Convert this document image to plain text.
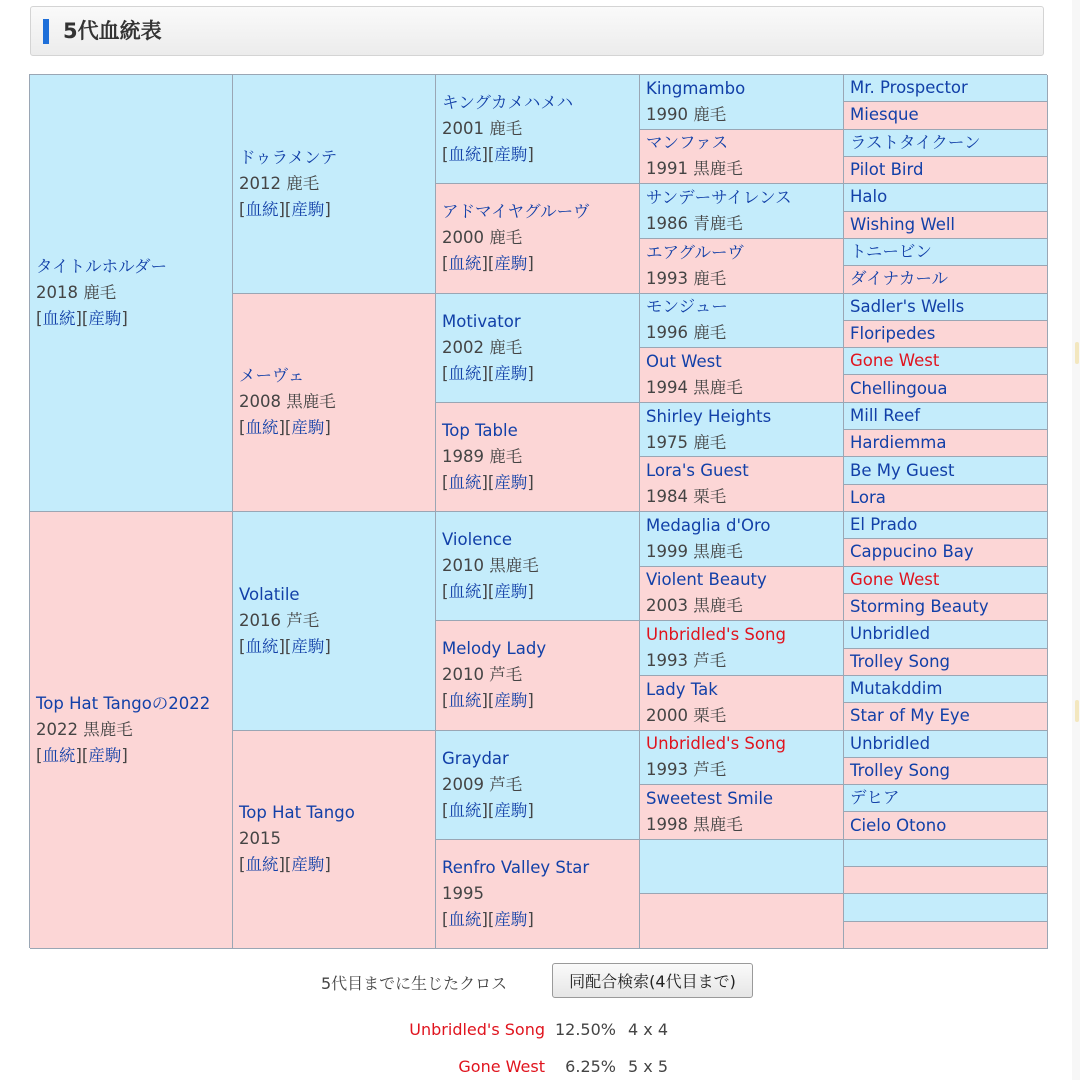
5代血統表
タイトルホルダー
2018 鹿毛
[血統][産駒]
Top Hat Tangoの2022
2022 黒鹿毛
[血統][産駒]
ドゥラメンテ
2012 鹿毛
[血統][産駒]
メーヴェ
2008 黒鹿毛
[血統][産駒]
Volatile
2016 芦毛
[血統][産駒]
Top Hat Tango
2015
[血統][産駒]
キングカメハメハ
2001 鹿毛
[血統][産駒]
アドマイヤグルーヴ
2000 鹿毛
[血統][産駒]
Motivator
2002 鹿毛
[血統][産駒]
Top Table
1989 鹿毛
[血統][産駒]
Violence
2010 黒鹿毛
[血統][産駒]
Melody Lady
2010 芦毛
[血統][産駒]
Graydar
2009 芦毛
[血統][産駒]
Renfro Valley Star
1995
[血統][産駒]
Kingmambo
1990 鹿毛
マンファス
1991 黒鹿毛
サンデーサイレンス
1986 青鹿毛
エアグルーヴ
1993 鹿毛
モンジュー
1996 鹿毛
Out West
1994 黒鹿毛
Shirley Heights
1975 鹿毛
Lora's Guest
1984 栗毛
Medaglia d'Oro
1999 黒鹿毛
Violent Beauty
2003 黒鹿毛
Unbridled's Song
1993 芦毛
Lady Tak
2000 栗毛
Unbridled's Song
1993 芦毛
Sweetest Smile
1998 黒鹿毛
Mr. Prospector
Miesque
ラストタイクーン
Pilot Bird
Halo
Wishing Well
トニービン
ダイナカール
Sadler's Wells
Floripedes
Gone West
Chellingoua
Mill Reef
Hardiemma
Be My Guest
Lora
El Prado
Cappucino Bay
Gone West
Storming Beauty
Unbridled
Trolley Song
Mutakddim
Star of My Eye
Unbridled
Trolley Song
デヒア
Cielo Otono
5代目までに生じたクロス	同配合検索(4代目まで)
Unbridled's Song 12.50% 4 x 4
Gone West 6.25% 5 x 5
